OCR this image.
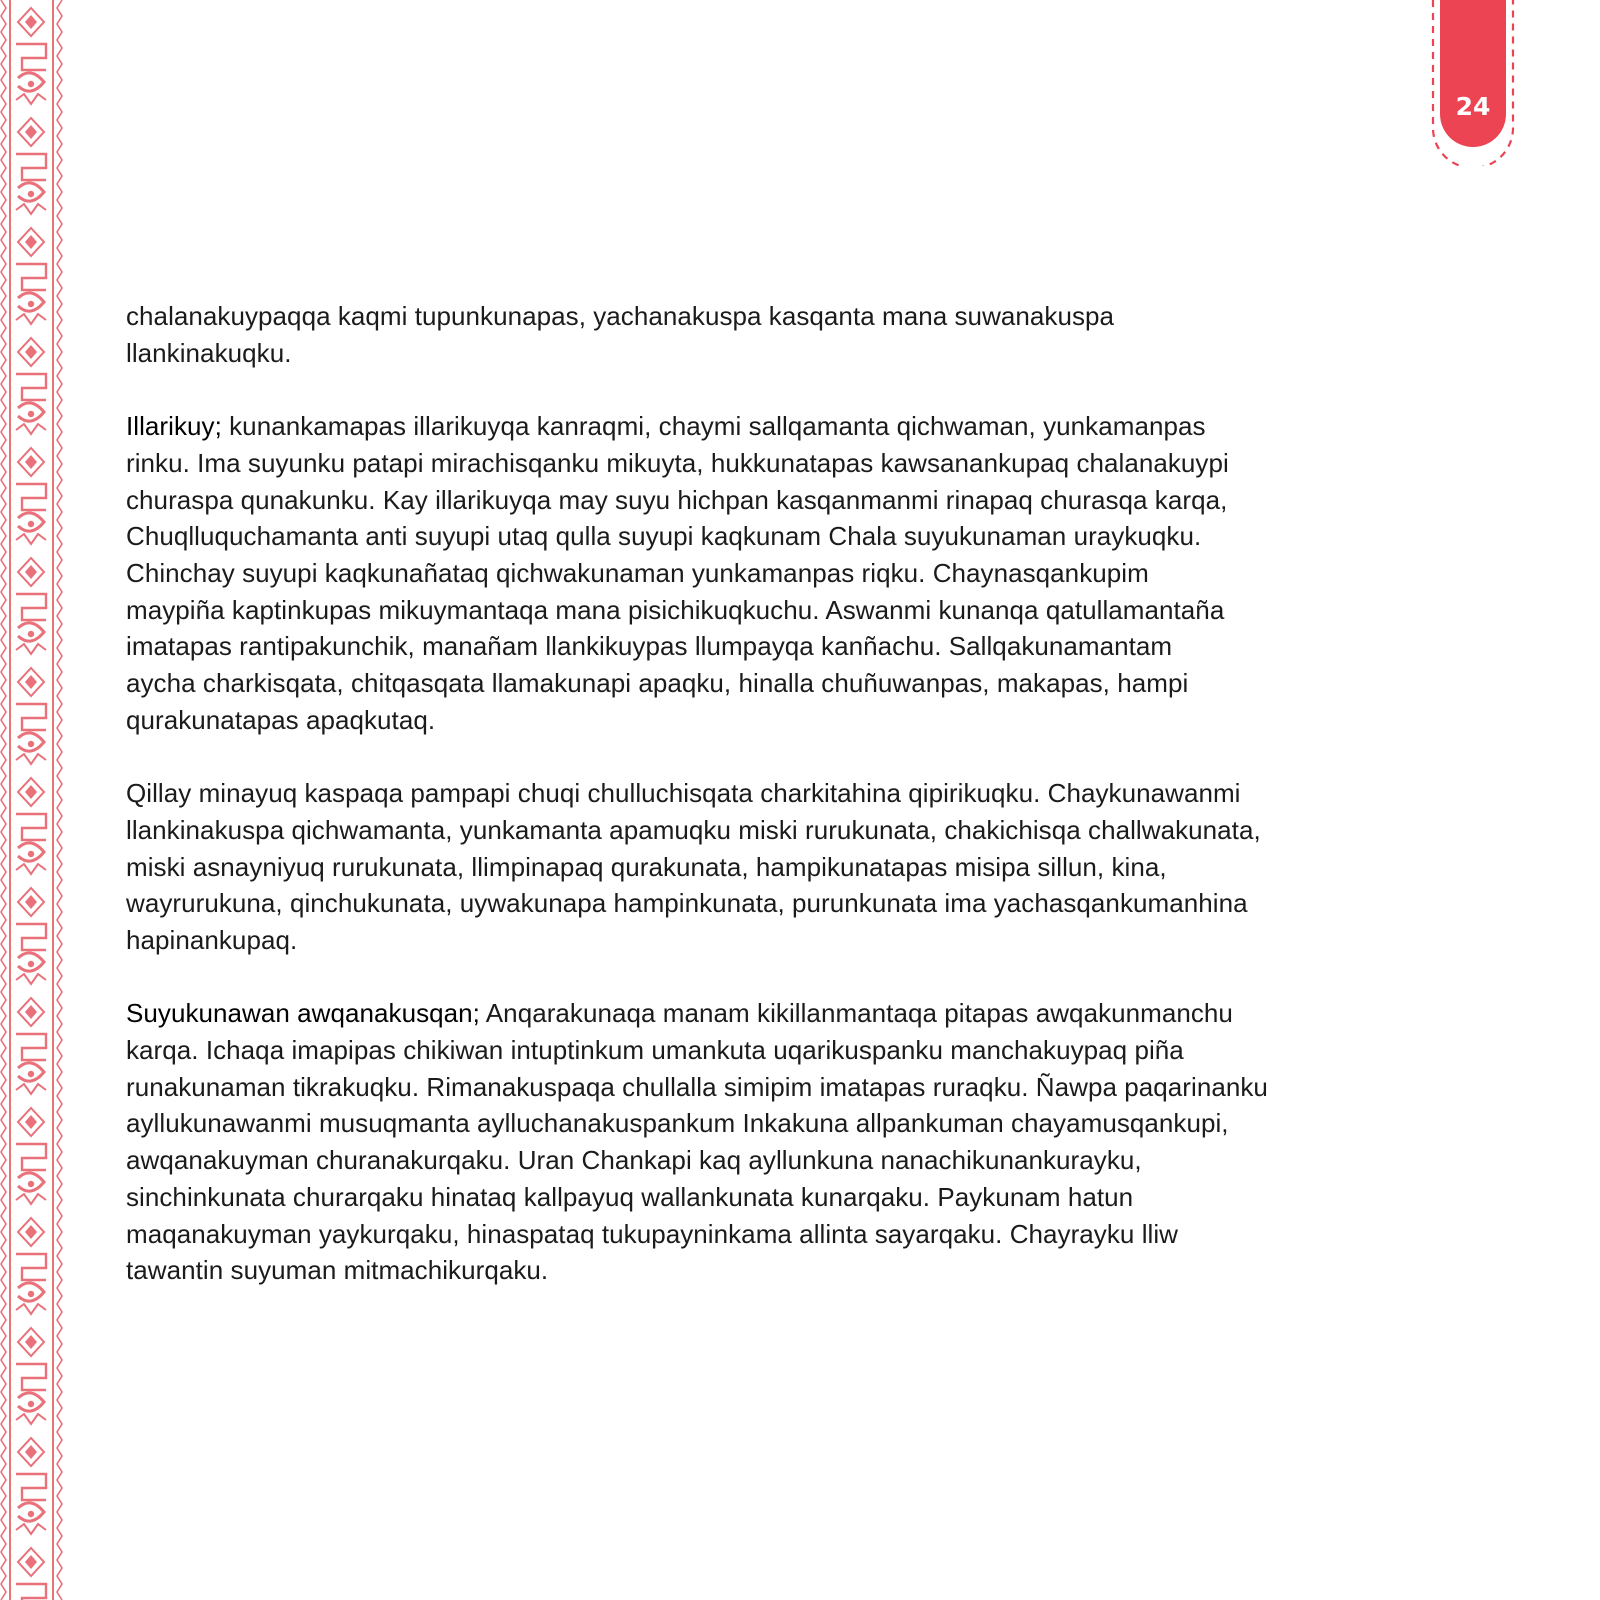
24

chalanakuypaqqa kaqmi tupunkunapas, yachanakuspa kasqanta mana suwanakuspa
llankinakuqku.

Illarikuy; kunankamapas illarikuyqa kanraqmi, chaymi sallqamanta qichwaman, yunkamanpas
rinku. Ima suyunku patapi mirachisqanku mikuyta, hukkunatapas kawsanankupaq chalanakuypi
churaspa qunakunku. Kay illarikuyqa may suyu hichpan kasqanmanmi rinapaq churasqa karqa,
Chuqlluquchamanta anti suyupi utaq qulla suyupi kaqkunam Chala suyukunaman uraykuqku.
Chinchay suyupi kaqkunañataq qichwakunaman yunkamanpas riqku. Chaynasqankupim
maypiña kaptinkupas mikuymantaqa mana pisichikuqkuchu. Aswanmi kunanqa qatullamantaña
imatapas rantipakunchik, manañam llankikuypas llumpayqa kanñachu. Sallqakunamantam
aycha charkisqata, chitqasqata llamakunapi apaqku, hinalla chuñuwanpas, makapas, hampi
qurakunatapas apaqkutaq.

Qillay minayuq kaspaqa pampapi chuqi chulluchisqata charkitahina qipirikuqku. Chaykunawanmi
llankinakuspa qichwamanta, yunkamanta apamuqku miski rurukunata, chakichisqa challwakunata,
miski asnayniyuq rurukunata, llimpinapaq qurakunata, hampikunatapas misipa sillun, kina,
wayrurukuna, qinchukunata, uywakunapa hampinkunata, purunkunata ima yachasqankumanhina
hapinankupaq.

Suyukunawan awqanakusqan; Anqarakunaqa manam kikillanmantaqa pitapas awqakunmanchu
karqa. Ichaqa imapipas chikiwan intuptinkum umankuta uqarikuspanku manchakuypaq piña
runakunaman tikrakuqku. Rimanakuspaqa chullalla simipim imatapas ruraqku. Ñawpa paqarinanku
ayllukunawanmi musuqmanta aylluchanakuspankum Inkakuna allpankuman chayamusqankupi,
awqanakuyman churanakurqaku. Uran Chankapi kaq ayllunkuna nanachikunankurayku,
sinchinkunata churarqaku hinataq kallpayuq wallankunata kunarqaku. Paykunam hatun
maqanakuyman yaykurqaku, hinaspataq tukupayninkama allinta sayarqaku. Chayrayku lliw
tawantin suyuman mitmachikurqaku.
